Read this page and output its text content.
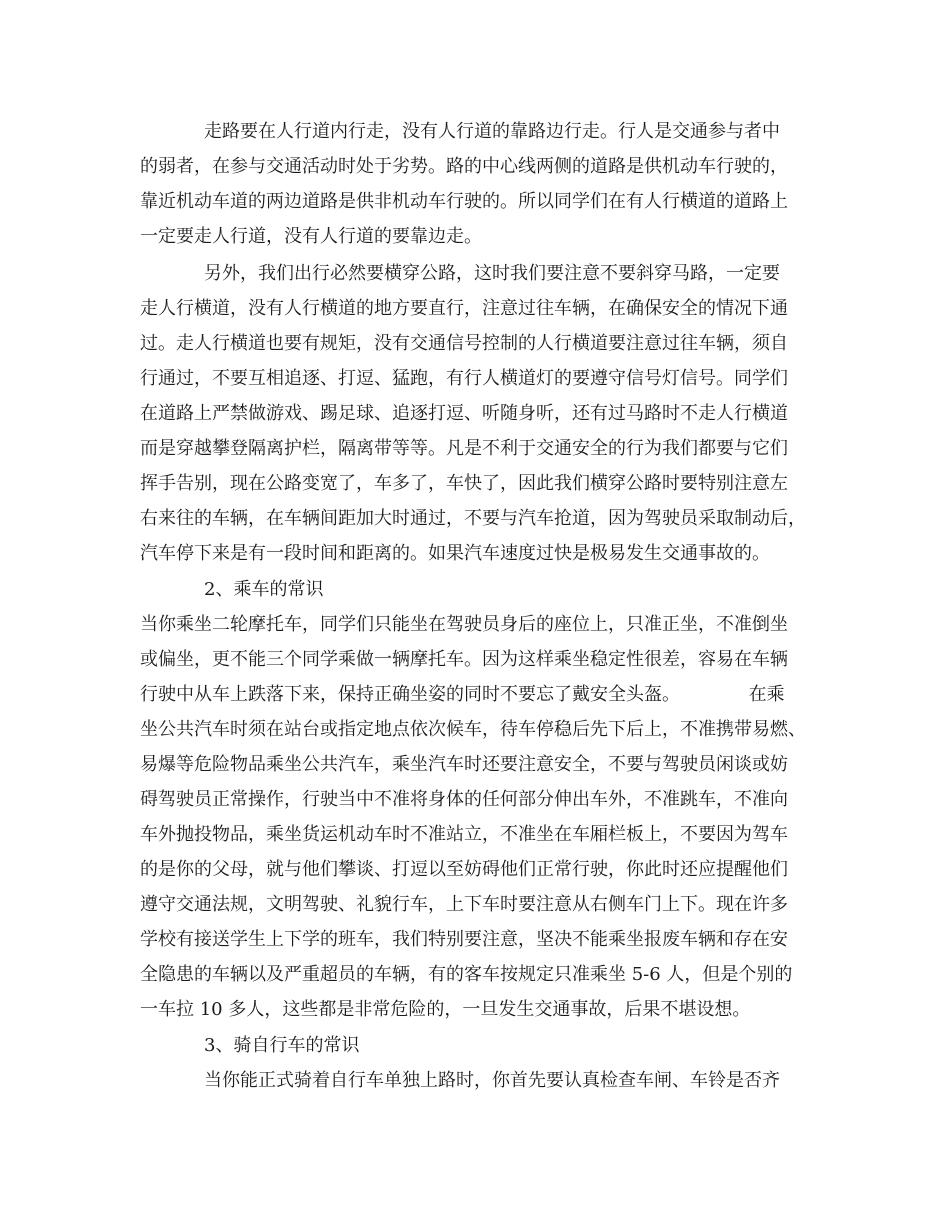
走路要在人行道内行走，没有人行道的靠路边行走。行人是交通参与者中

的弱者，在参与交通活动时处于劣势。路的中心线两侧的道路是供机动车行驶的，

靠近机动车道的两边道路是供非机动车行驶的。所以同学们在有人行横道的道路上

一定要走人行道，没有人行道的要靠边走。

另外，我们出行必然要横穿公路，这时我们要注意不要斜穿马路，一定要

走人行横道，没有人行横道的地方要直行，注意过往车辆，在确保安全的情况下通

过。走人行横道也要有规矩，没有交通信号控制的人行横道要注意过往车辆，须自

行通过，不要互相追逐、打逗、猛跑，有行人横道灯的要遵守信号灯信号。同学们

在道路上严禁做游戏、踢足球、追逐打逗、听随身听，还有过马路时不走人行横道

而是穿越攀登隔离护栏，隔离带等等。凡是不利于交通安全的行为我们都要与它们

挥手告别，现在公路变宽了，车多了，车快了，因此我们横穿公路时要特别注意左

右来往的车辆，在车辆间距加大时通过，不要与汽车抢道，因为驾驶员采取制动后，

汽车停下来是有一段时间和距离的。如果汽车速度过快是极易发生交通事故的。

2、乘车的常识

当你乘坐二轮摩托车，同学们只能坐在驾驶员身后的座位上，只准正坐，不准倒坐

或偏坐，更不能三个同学乘做一辆摩托车。因为这样乘坐稳定性很差，容易在车辆

行驶中从车上跌落下来，保持正确坐姿的同时不要忘了戴安全头盔。            在乘

坐公共汽车时须在站台或指定地点依次候车，待车停稳后先下后上，不准携带易燃、

易爆等危险物品乘坐公共汽车，乘坐汽车时还要注意安全，不要与驾驶员闲谈或妨

碍驾驶员正常操作，行驶当中不准将身体的任何部分伸出车外，不准跳车，不准向

车外抛投物品，乘坐货运机动车时不准站立，不准坐在车厢栏板上，不要因为驾车

的是你的父母，就与他们攀谈、打逗以至妨碍他们正常行驶，你此时还应提醒他们

遵守交通法规，文明驾驶、礼貌行车，上下车时要注意从右侧车门上下。现在许多

学校有接送学生上下学的班车，我们特别要注意，坚决不能乘坐报废车辆和存在安

全隐患的车辆以及严重超员的车辆，有的客车按规定只准乘坐 5-6 人，但是个别的

一车拉 10 多人，这些都是非常危险的，一旦发生交通事故，后果不堪设想。

3、骑自行车的常识

当你能正式骑着自行车单独上路时，你首先要认真检查车闸、车铃是否齐
